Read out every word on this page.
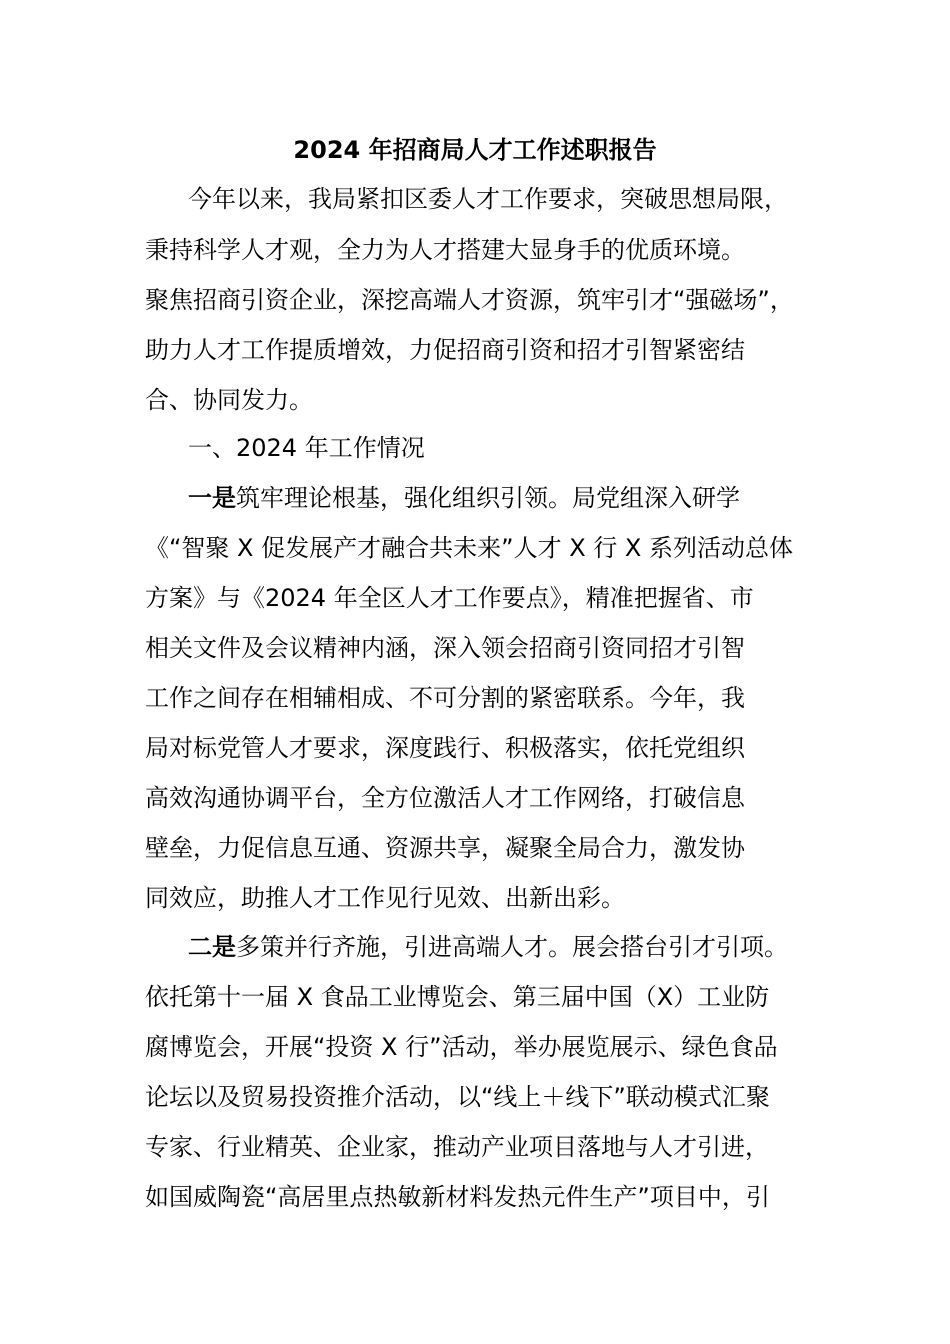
2024 年招商局人才工作述职报告
今年以来，我局紧扣区委人才工作要求，突破思想局限，
秉持科学人才观，全力为人才搭建大显身手的优质环境。
聚焦招商引资企业，深挖高端人才资源，筑牢引才“强磁场”，
助力人才工作提质增效，力促招商引资和招才引智紧密结
合、协同发力。
一、2024 年工作情况
一是筑牢理论根基，强化组织引领。局党组深入研学
《“智聚 X 促发展产才融合共未来”人才 X 行 X 系列活动总体
方案》与《2024 年全区人才工作要点》，精准把握省、市
相关文件及会议精神内涵，深入领会招商引资同招才引智
工作之间存在相辅相成、不可分割的紧密联系。今年，我
局对标党管人才要求，深度践行、积极落实，依托党组织
高效沟通协调平台，全方位激活人才工作网络，打破信息
壁垒，力促信息互通、资源共享，凝聚全局合力，激发协
同效应，助推人才工作见行见效、出新出彩。
二是多策并行齐施，引进高端人才。展会搭台引才引项。
依托第十一届 X 食品工业博览会、第三届中国（X）工业防
腐博览会，开展“投资 X 行”活动，举办展览展示、绿色食品
论坛以及贸易投资推介活动，以“线上＋线下”联动模式汇聚
专家、行业精英、企业家，推动产业项目落地与人才引进，
如国威陶瓷“高居里点热敏新材料发热元件生产”项目中，引
